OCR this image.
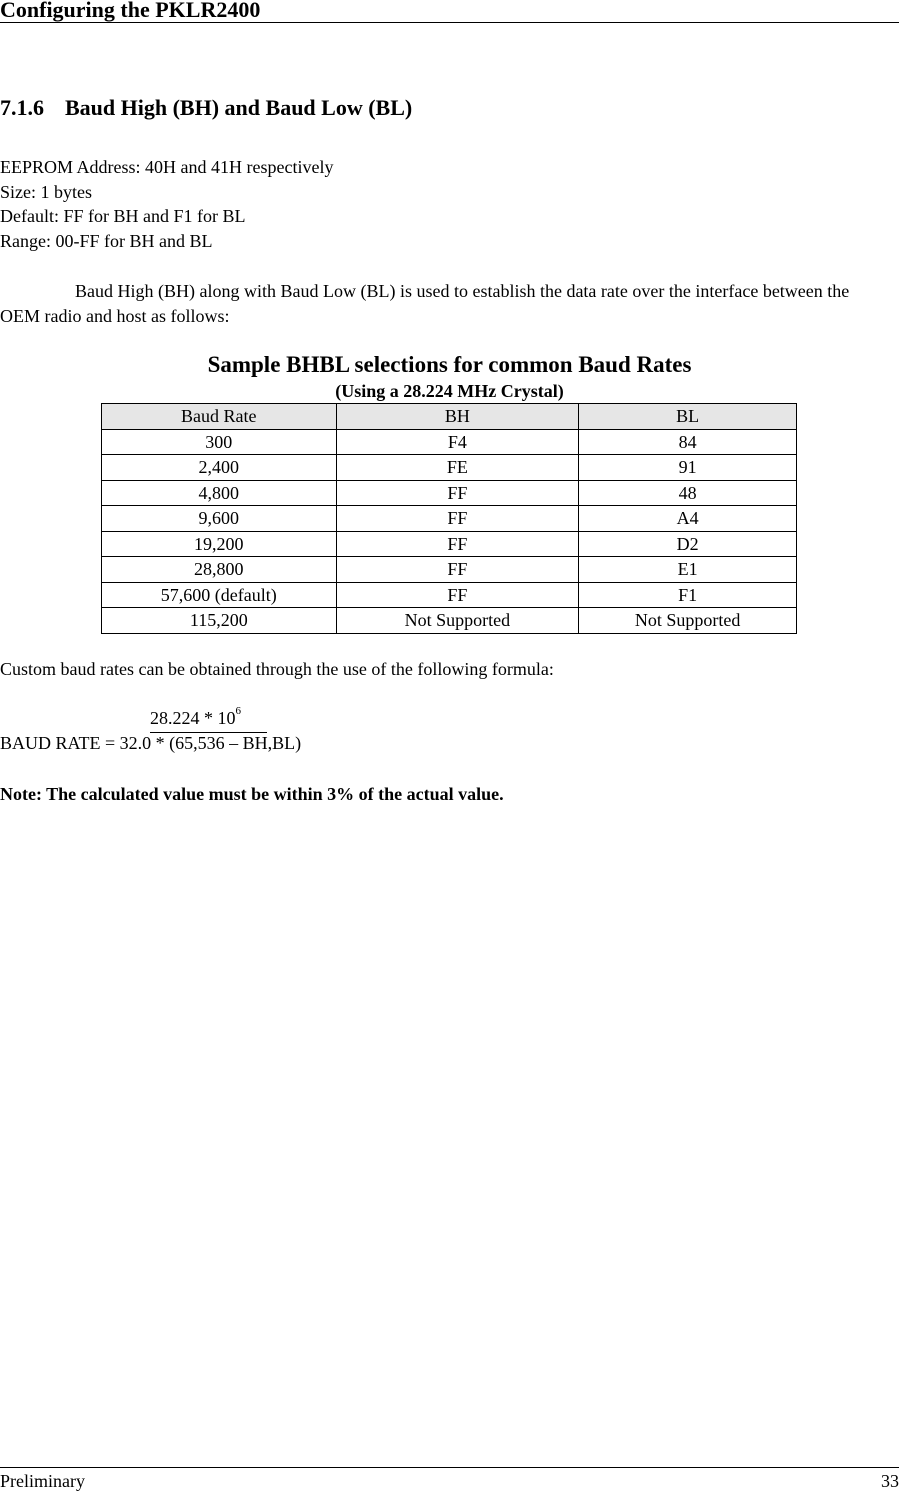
Configuring the PKLR2400
7.1.6 Baud High (BH) and Baud Low (BL)
EEPROM Address: 40H and 41H respectively
Size: 1 bytes
Default: FF for BH and F1 for BL
Range: 00-FF for BH and BL
Baud High (BH) along with Baud Low (BL) is used to establish the data rate over the interface between the OEM radio and host as follows:
Sample BHBL selections for common Baud Rates
(Using a 28.224 MHz Crystal)
Baud Rate	BH	BL
300	F4	84
2,400	FE	91
4,800	FF	48
9,600	FF	A4
19,200	FF	D2
28,800	FF	E1
57,600 (default)	FF	F1
115,200	Not Supported	Not Supported
Custom baud rates can be obtained through the use of the following formula:
$28.224 * 10^6$
BAUD RATE = 32.0 * (65,536 – BH,BL)
Note: The calculated value must be within 3% of the actual value.
Preliminary	33
